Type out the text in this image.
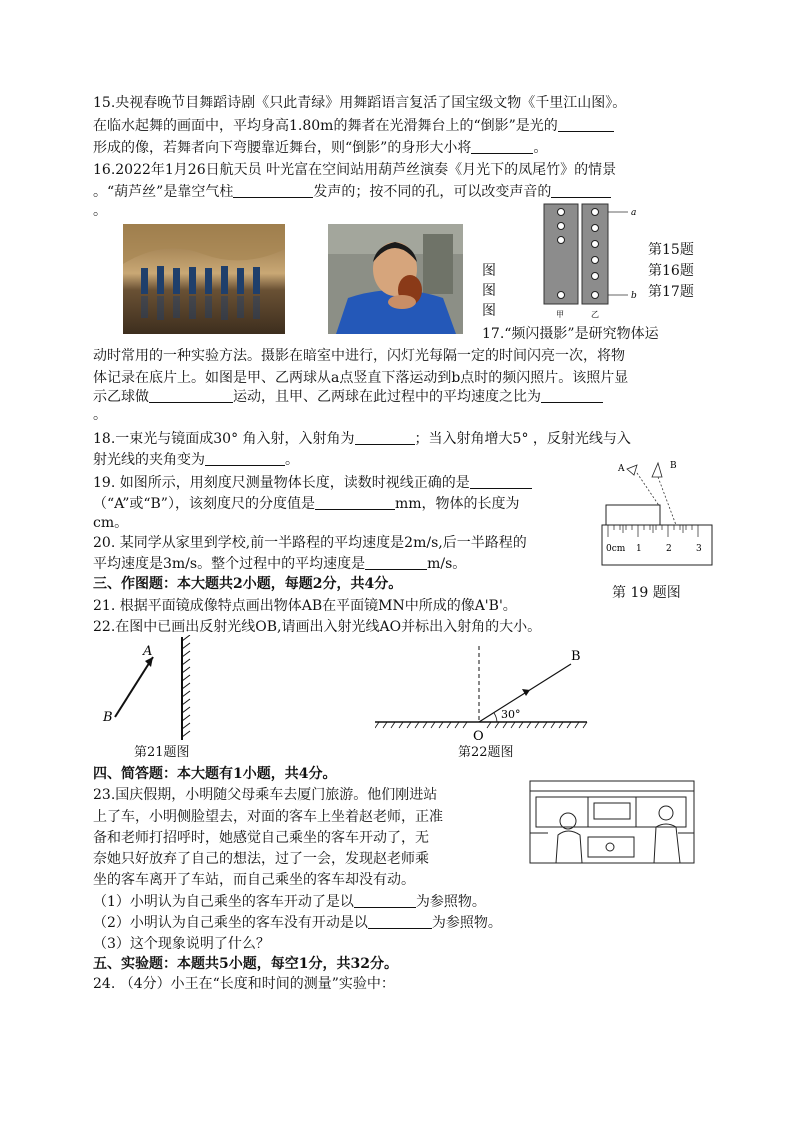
15.央视春晚节目舞蹈诗剧《只此青绿》用舞蹈语言复活了国宝级文物《千里江山图》。
在临水起舞的画面中，平均身高1.80m的舞者在光滑舞台上的“倒影”是光的
形成的像，若舞者向下弯腰靠近舞台，则“倒影”的身形大小将	。
16.2022年1月26日航天员 叶光富在空间站用葫芦丝演奏《月光下的凤尾竹》的情景
。“葫芦丝”是靠空气柱	发声的；按不同的孔，可以改变声音的
。
图
图
图
a
b
甲	乙
第15题
第16题
第17题
17.“频闪摄影”是研究物体运
动时常用的一种实验方法。摄影在暗室中进行，闪灯光每隔一定的时间闪亮一次，将物
体记录在底片上。如图是甲、乙两球从a点竖直下落运动到b点时的频闪照片。该照片显
示乙球做	运动，且甲、乙两球在此过程中的平均速度之比为
。
18.一束光与镜面成30° 角入射，入射角为	；当入射角增大5° ，反射光线与入
射光线的夹角变为	。
19. 如图所示，用刻度尺测量物体长度，读数时视线正确的是
（“A”或“B”），该刻度尺的分度值是	mm，物体的长度为
cm。
A	B
0cm 1	2	3
第 19 题图
20. 某同学从家里到学校,前一半路程的平均速度是2m/s,后一半路程的
平均速度是3m/s。整个过程中的平均速度是	m/s。
三、作图题：本大题共2小题，每题2分，共4分。
21. 根据平面镜成像特点画出物体AB在平面镜MN中所成的像A'B'。
22.在图中已画出反射光线OB,请画出入射光线AO并标出入射角的大小。
A
B
第21题图
B
30°
O
第22题图
四、简答题：本大题有1小题，共4分。
23.国庆假期，小明随父母乘车去厦门旅游。他们刚进站
上了车，小明侧脸望去，对面的客车上坐着赵老师，正准
备和老师打招呼时，她感觉自己乘坐的客车开动了，无
奈她只好放弃了自己的想法，过了一会，发现赵老师乘
坐的客车离开了车站，而自己乘坐的客车却没有动。
（1）小明认为自己乘坐的客车开动了是以	为参照物。
（2）小明认为自己乘坐的客车没有开动是以	为参照物。
（3）这个现象说明了什么？
五、实验题：本题共5小题，每空1分，共32分。
24. （4分）小王在“长度和时间的测量”实验中：
